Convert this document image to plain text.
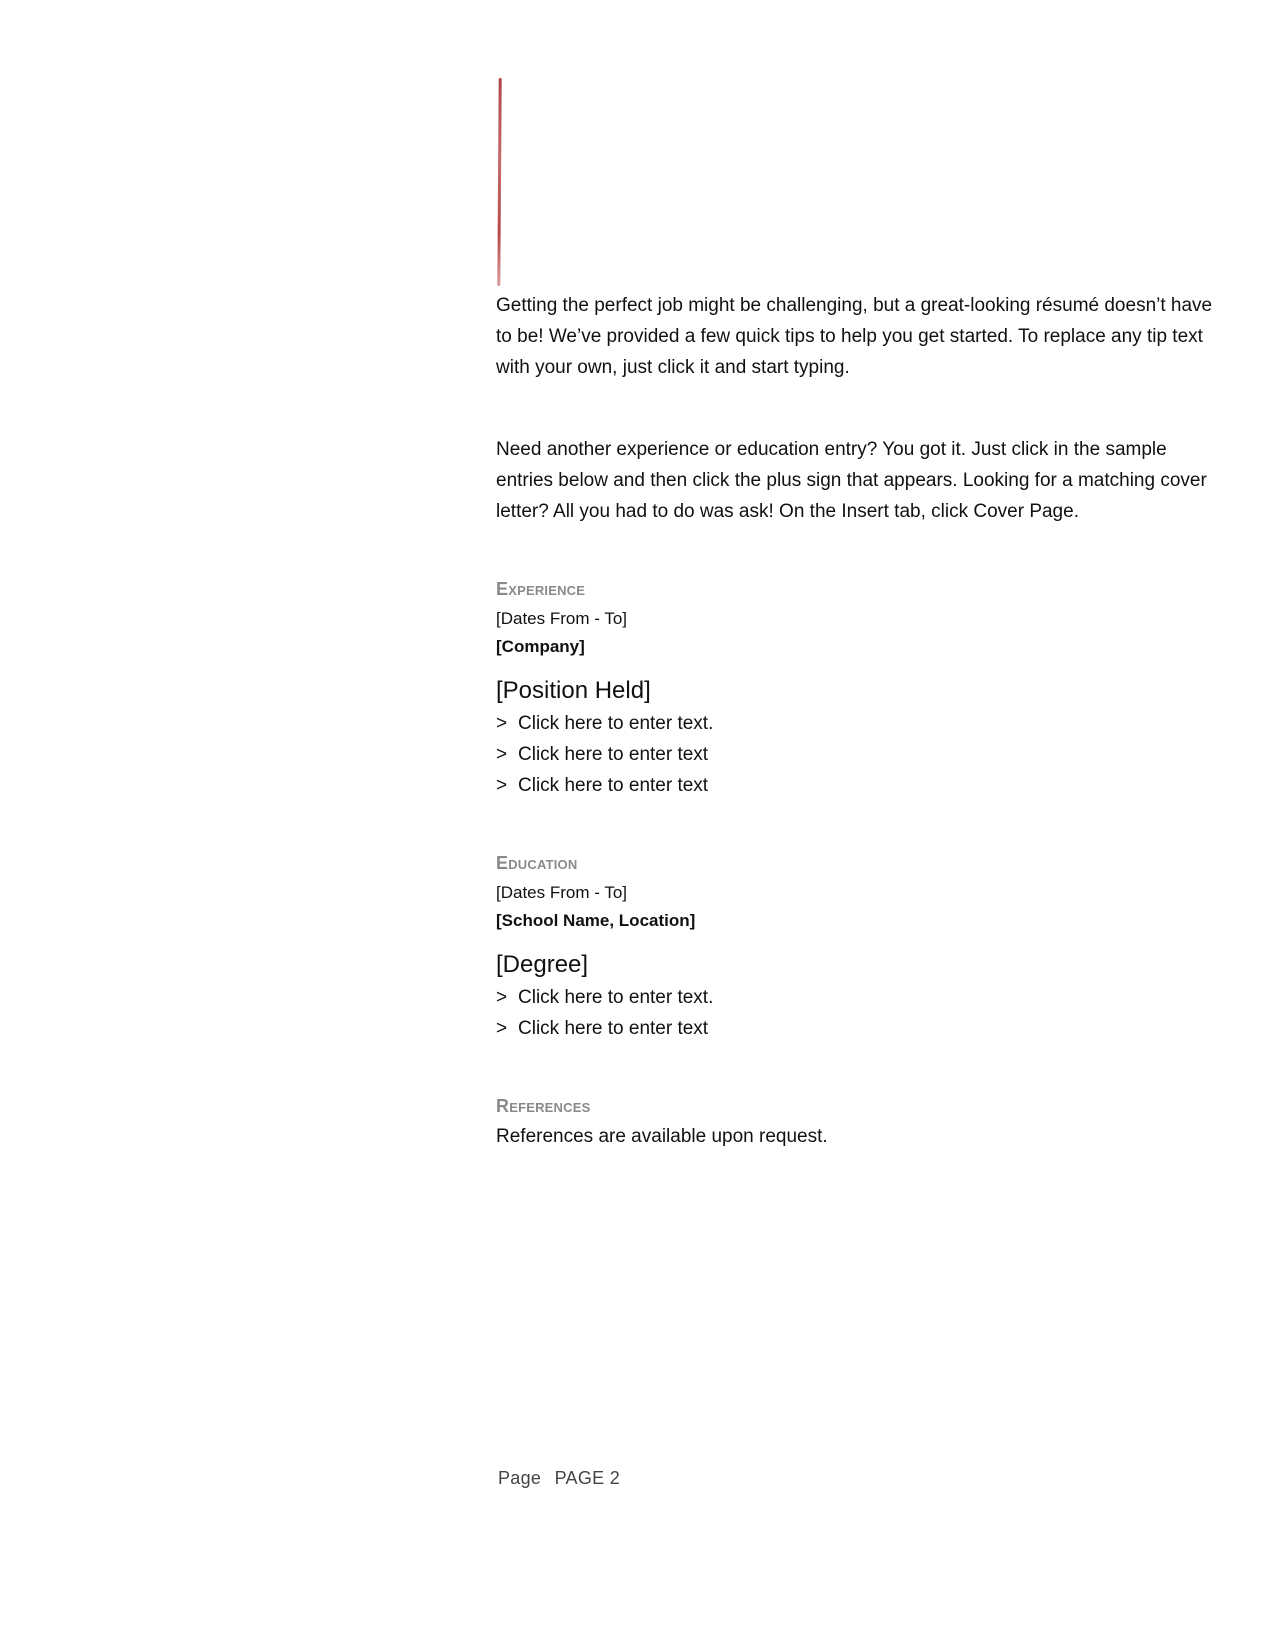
Getting the perfect job might be challenging, but a great-looking résumé doesn’t have to be! We’ve provided a few quick tips to help you get started. To replace any tip text with your own, just click it and start typing.

Need another experience or education entry? You got it. Just click in the sample entries below and then click the plus sign that appears. Looking for a matching cover letter? All you had to do was ask! On the Insert tab, click Cover Page.

Experience

[Dates From - To]

[Company]

[Position Held]

> Click here to enter text.
> Click here to enter text
> Click here to enter text
Education

[Dates From - To]

[School Name, Location]

[Degree]

> Click here to enter text.
> Click here to enter text
References

References are available upon request.

Page PAGE 2
